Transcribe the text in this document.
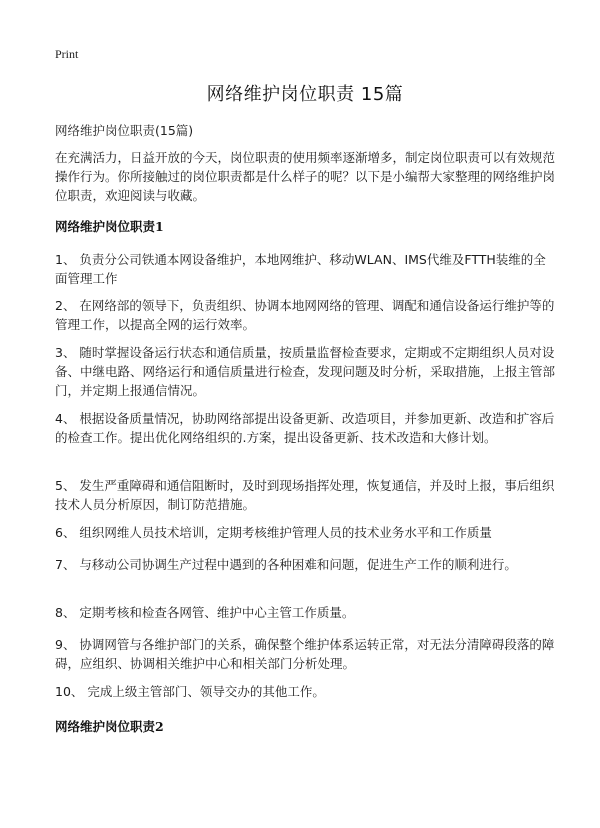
Print
网络维护岗位职责 15篇
网络维护岗位职责(15篇)
在充满活力，日益开放的今天，岗位职责的使用频率逐渐增多，制定岗位职责可以有效规范操作行为。你所接触过的岗位职责都是什么样子的呢？以下是小编帮大家整理的网络维护岗位职责，欢迎阅读与收藏。
网络维护岗位职责1
1、 负责分公司铁通本网设备维护，本地网维护、移动WLAN、IMS代维及FTTH装维的全面管理工作
2、 在网络部的领导下，负责组织、协调本地网网络的管理、调配和通信设备运行维护等的管理工作，以提高全网的运行效率。
3、 随时掌握设备运行状态和通信质量，按质量监督检查要求，定期或不定期组织人员对设备、中继电路、网络运行和通信质量进行检查，发现问题及时分析，采取措施，上报主管部门，并定期上报通信情况。
4、 根据设备质量情况，协助网络部提出设备更新、改造项目，并参加更新、改造和扩容后的检查工作。提出优化网络组织的.方案，提出设备更新、技术改造和大修计划。
5、 发生严重障碍和通信阻断时，及时到现场指挥处理，恢复通信，并及时上报，事后组织技术人员分析原因，制订防范措施。
6、 组织网维人员技术培训，定期考核维护管理人员的技术业务水平和工作质量
7、 与移动公司协调生产过程中遇到的各种困难和问题，促进生产工作的顺利进行。
8、 定期考核和检查各网管、维护中心主管工作质量。
9、 协调网管与各维护部门的关系，确保整个维护体系运转正常，对无法分清障碍段落的障碍，应组织、协调相关维护中心和相关部门分析处理。
10、 完成上级主管部门、领导交办的其他工作。
网络维护岗位职责2
